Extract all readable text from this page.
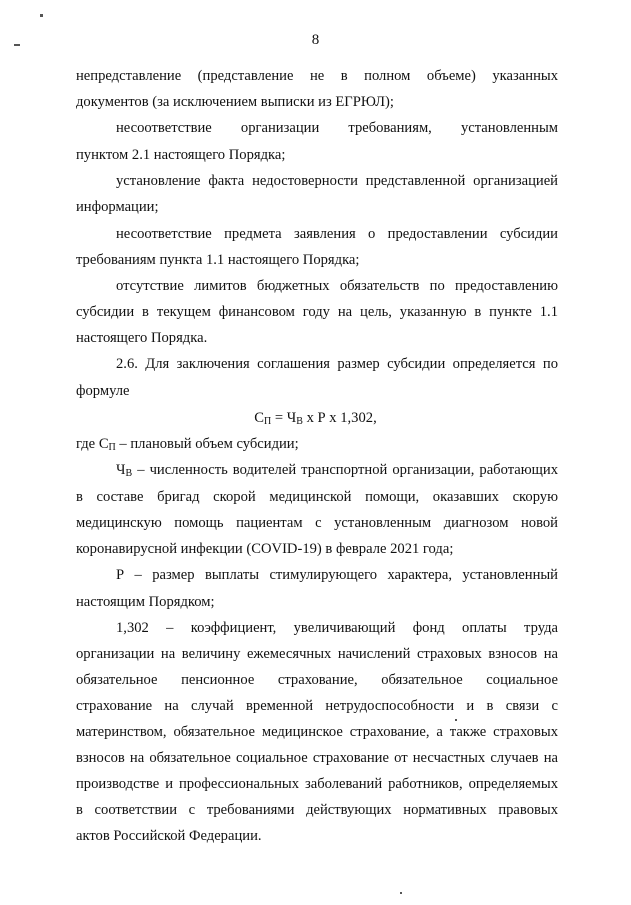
8
непредставление (представление не в полном объеме) указанных
документов (за исключением выписки из ЕГРЮЛ);
несоответствие организации требованиям, установленным
пунктом 2.1 настоящего Порядка;
установление факта недостоверности представленной организацией
информации;
несоответствие предмета заявления о предоставлении субсидии
требованиям пункта 1.1 настоящего Порядка;
отсутствие лимитов бюджетных обязательств по предоставлению
субсидии в текущем финансовом году на цель, указанную в пункте 1.1
настоящего Порядка.
2.6. Для заключения соглашения размер субсидии определяется по
формуле
$С_П = Ч_В$ х Р х 1,302,
где $С_П$ – плановый объем субсидии;
$Ч_В$ – численность водителей транспортной организации, работающих
в составе бригад скорой медицинской помощи, оказавших скорую
медицинскую помощь пациентам с установленным диагнозом новой
коронавирусной инфекции (COVID-19) в феврале 2021 года;
Р – размер выплаты стимулирующего характера, установленный
настоящим Порядком;
1,302 – коэффициент, увеличивающий фонд оплаты труда
организации на величину ежемесячных начислений страховых взносов на
обязательное пенсионное страхование, обязательное социальное
страхование на случай временной нетрудоспособности и в связи с
материнством, обязательное медицинское страхование, а также страховых
взносов на обязательное социальное страхование от несчастных случаев на
производстве и профессиональных заболеваний работников, определяемых
в соответствии с требованиями действующих нормативных правовых
актов Российской Федерации.
